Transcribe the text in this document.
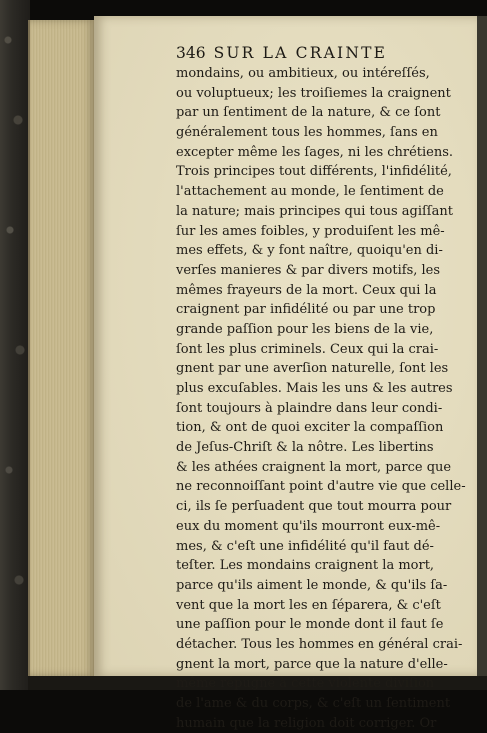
346 SUR LA CRAINTE
mondains, ou ambitieux, ou intéreſſés,
ou voluptueux; les troiſiemes la craignent
par un ſentiment de la nature, & ce ſont
généralement tous les hommes, ſans en
excepter même les ſages, ni les chrétiens.
Trois principes tout différents, l'infidélité,
l'attachement au monde, le ſentiment de
la nature; mais principes qui tous agiſſant
ſur les ames foibles, y produiſent les mê-
mes effets, & y font naître, quoiqu'en di-
verſes manieres & par divers motifs, les
mêmes frayeurs de la mort. Ceux qui la
craignent par infidélité ou par une trop
grande paſſion pour les biens de la vie,
ſont les plus criminels. Ceux qui la crai-
gnent par une averſion naturelle, ſont les
plus excuſables. Mais les uns & les autres
ſont toujours à plaindre dans leur condi-
tion, & ont de quoi exciter la compaſſion
de Jeſus-Chriſt & la nôtre. Les libertins
& les athées craignent la mort, parce que
ne reconnoiſſant point d'autre vie que celle-
ci, ils ſe perſuadent que tout mourra pour
eux du moment qu'ils mourront eux-mê-
mes, & c'eſt une infidélité qu'il faut dé-
teſter. Les mondains craignent la mort,
parce qu'ils aiment le monde, & qu'ils ſa-
vent que la mort les en ſéparera, & c'eſt
une paſſion pour le monde dont il faut ſe
détacher. Tous les hommes en général crai-
gnent la mort, parce que la nature d'elle-
même répugne à cette violente diviſion
de l'ame & du corps, & c'eſt un ſentiment
humain que la religion doit corriger. Or
